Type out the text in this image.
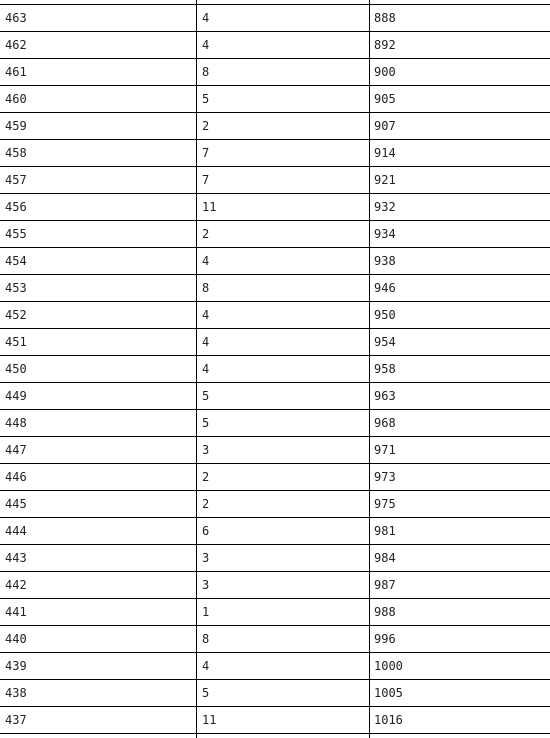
463	4	888
462	4	892
461	8	900
460	5	905
459	2	907
458	7	914
457	7	921
456	11	932
455	2	934
454	4	938
453	8	946
452	4	950
451	4	954
450	4	958
449	5	963
448	5	968
447	3	971
446	2	973
445	2	975
444	6	981
443	3	984
442	3	987
441	1	988
440	8	996
439	4	1000
438	5	1005
437	11	1016
